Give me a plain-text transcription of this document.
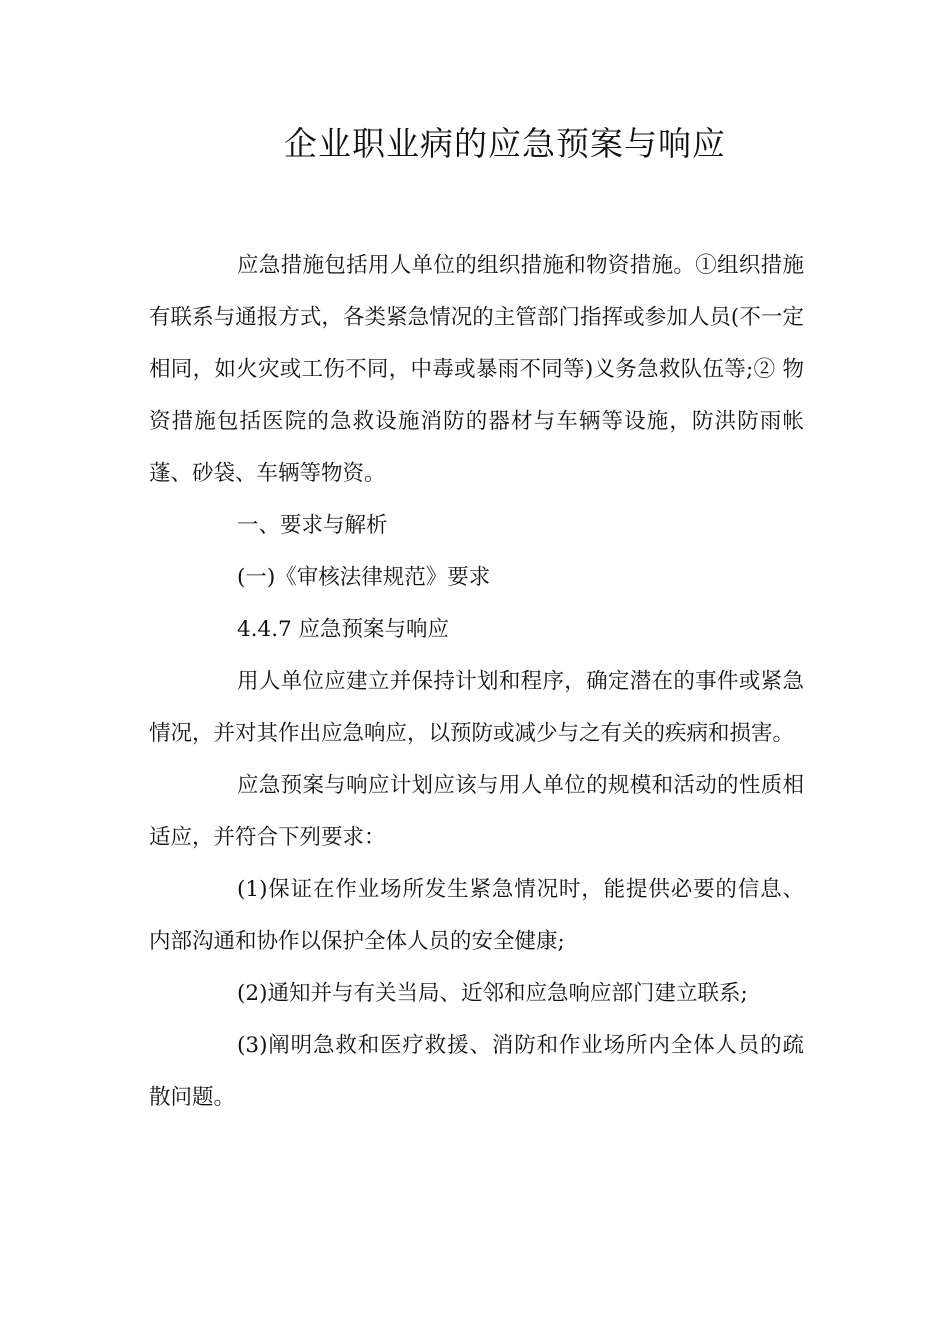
企业职业病的应急预案与响应

应急措施包括用人单位的组织措施和物资措施。①组织措施有联系与通报方式，各类紧急情况的主管部门指挥或参加人员(不一定相同，如火灾或工伤不同，中毒或暴雨不同等)义务急救队伍等;② 物资措施包括医院的急救设施消防的器材与车辆等设施，防洪防雨帐蓬、砂袋、车辆等物资。

一、要求与解析

(一)《审核法律规范》要求

4.4.7 应急预案与响应

用人单位应建立并保持计划和程序，确定潜在的事件或紧急情况，并对其作出应急响应，以预防或减少与之有关的疾病和损害。

应急预案与响应计划应该与用人单位的规模和活动的性质相适应，并符合下列要求：

(1)保证在作业场所发生紧急情况时，能提供必要的信息、内部沟通和协作以保护全体人员的安全健康;

(2)通知并与有关当局、近邻和应急响应部门建立联系;

(3)阐明急救和医疗救援、消防和作业场所内全体人员的疏散问题。
